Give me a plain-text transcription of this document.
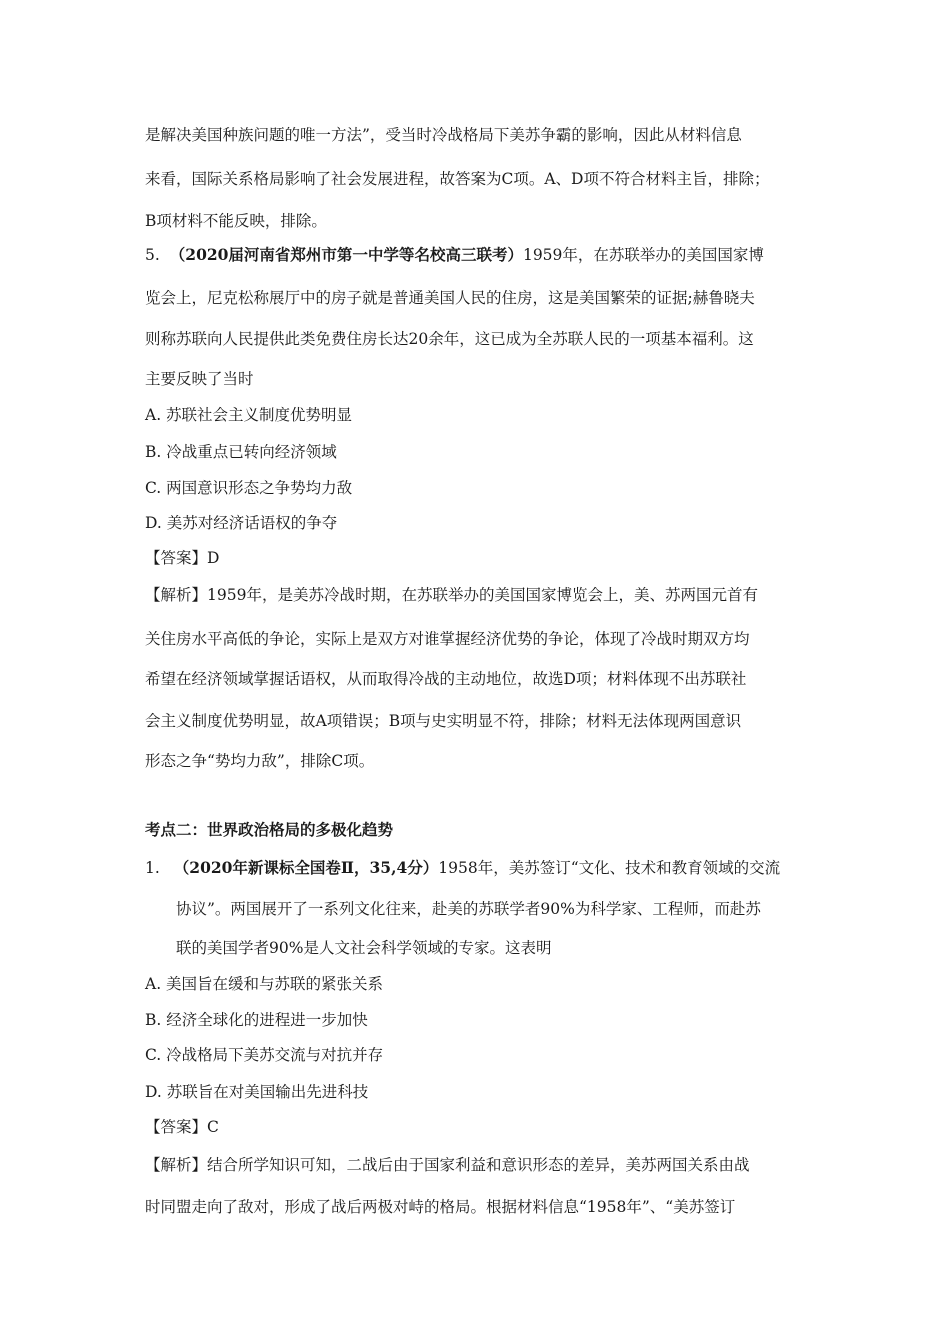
是解决美国种族问题的唯一方法”，受当时冷战格局下美苏争霸的影响，因此从材料信息
来看，国际关系格局影响了社会发展进程，故答案为C项。A、D项不符合材料主旨，排除；
B项材料不能反映，排除。
5. （2020届河南省郑州市第一中学等名校高三联考）1959年，在苏联举办的美国国家博
览会上，尼克松称展厅中的房子就是普通美国人民的住房，这是美国繁荣的证据;赫鲁晓夫
则称苏联向人民提供此类免费住房长达20余年，这已成为全苏联人民的一项基本福利。这
主要反映了当时
A. 苏联社会主义制度优势明显
B. 冷战重点已转向经济领域
C. 两国意识形态之争势均力敌
D. 美苏对经济话语权的争夺
【答案】D
【解析】1959年，是美苏冷战时期，在苏联举办的美国国家博览会上，美、苏两国元首有
关住房水平高低的争论，实际上是双方对谁掌握经济优势的争论，体现了冷战时期双方均
希望在经济领域掌握话语权，从而取得冷战的主动地位，故选D项；材料体现不出苏联社
会主义制度优势明显，故A项错误；B项与史实明显不符，排除；材料无法体现两国意识
形态之争“势均力敌”，排除C项。
考点二：世界政治格局的多极化趋势
1. （2020年新课标全国卷Ⅱ，35,4分）1958年，美苏签订“文化、技术和教育领域的交流
协议”。两国展开了一系列文化往来，赴美的苏联学者90%为科学家、工程师，而赴苏
联的美国学者90%是人文社会科学领域的专家。这表明
A. 美国旨在缓和与苏联的紧张关系
B. 经济全球化的进程进一步加快
C. 冷战格局下美苏交流与对抗并存
D. 苏联旨在对美国输出先进科技
【答案】C
【解析】结合所学知识可知，二战后由于国家利益和意识形态的差异，美苏两国关系由战
时同盟走向了敌对，形成了战后两极对峙的格局。根据材料信息“1958年”、“美苏签订
